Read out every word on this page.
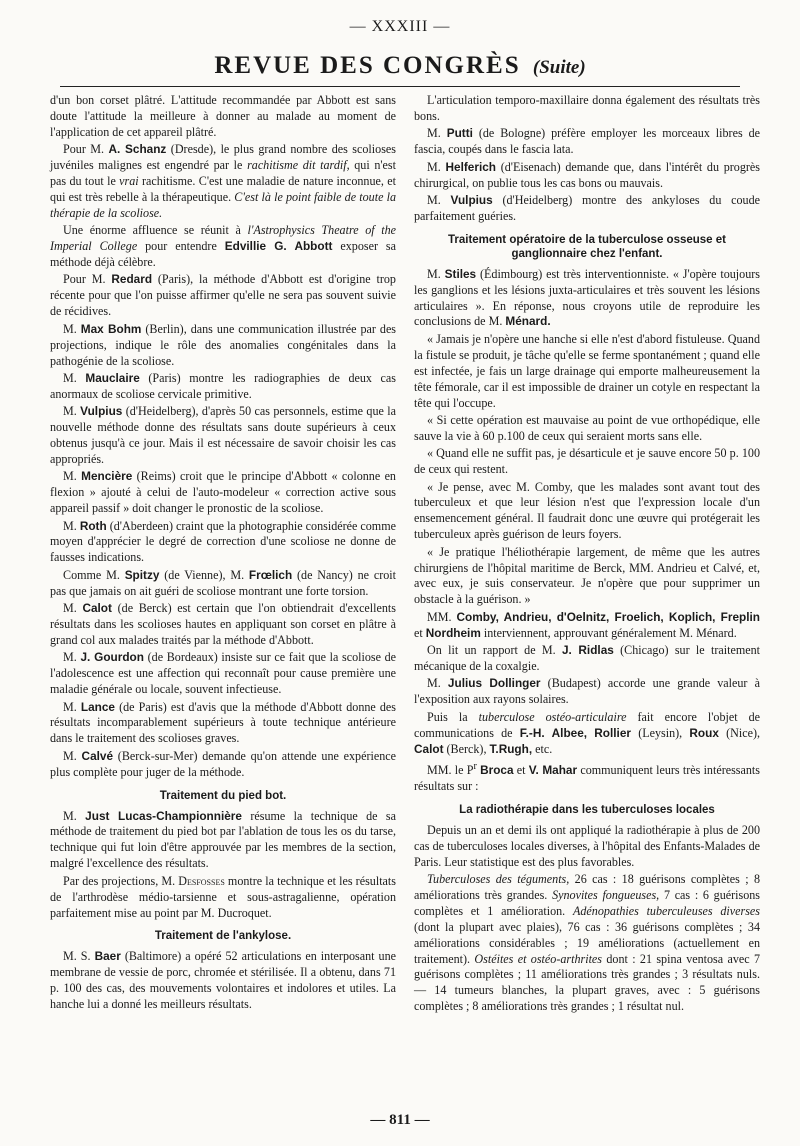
— XXXIII —
REVUE DES CONGRÈS (Suite)

d'un bon corset plâtré. L'attitude recommandée par Abbott est sans doute l'attitude la meilleure à donner au malade au moment de l'application de cet appareil plâtré.

Pour M. A. Schanz (Dresde), le plus grand nombre des scolioses juvéniles malignes est engendré par le rachitisme dit tardif, qui n'est pas du tout le vrai rachitisme. C'est une maladie de nature inconnue, et qui est très rebelle à la thérapeutique. C'est là le point faible de toute la thérapie de la scoliose.

Une énorme affluence se réunit à l'Astrophysics Theatre of the Imperial College pour entendre Edvillie G. Abbott exposer sa méthode déjà célèbre.

Pour M. Redard (Paris), la méthode d'Abbott est d'origine trop récente pour que l'on puisse affirmer qu'elle ne sera pas souvent suivie de récidives.

M. Max Bohm (Berlin), dans une communication illustrée par des projections, indique le rôle des anomalies congénitales dans la pathogénie de la scoliose.

M. Mauclaire (Paris) montre les radiographies de deux cas anormaux de scoliose cervicale primitive.

M. Vulpius (d'Heidelberg), d'après 50 cas personnels, estime que la nouvelle méthode donne des résultats sans doute supérieurs à ceux obtenus jusqu'à ce jour. Mais il est nécessaire de savoir choisir les cas appropriés.

M. Mencière (Reims) croit que le principe d'Abbott « colonne en flexion » ajouté à celui de l'auto-modeleur « correction active sous appareil passif » doit changer le pronostic de la scoliose.

M. Roth (d'Aberdeen) craint que la photographie considérée comme moyen d'apprécier le degré de correction d'une scoliose ne donne de fausses indications.

Comme M. Spitzy (de Vienne), M. Frœlich (de Nancy) ne croit pas que jamais on ait guéri de scoliose montrant une forte torsion.

M. Calot (de Berck) est certain que l'on obtiendrait d'excellents résultats dans les scolioses hautes en appliquant son corset en plâtre à grand col aux malades traités par la méthode d'Abbott.

M. J. Gourdon (de Bordeaux) insiste sur ce fait que la scoliose de l'adolescence est une affection qui reconnaît pour cause première une maladie générale ou locale, souvent infectieuse.

M. Lance (de Paris) est d'avis que la méthode d'Abbott donne des résultats incomparablement supérieurs à toute technique antérieure dans le traitement des scolioses graves.

M. Calvé (Berck-sur-Mer) demande qu'on attende une expérience plus complète pour juger de la méthode.

Traitement du pied bot.

M. Just Lucas-Championnière résume la technique de sa méthode de traitement du pied bot par l'ablation de tous les os du tarse, technique qui fut loin d'être approuvée par les membres de la section, malgré l'excellence des résultats.

Par des projections, M. Desfosses montre la technique et les résultats de l'arthrodèse médio-tarsienne et sous-astragalienne, opération parfaitement mise au point par M. Ducroquet.

Traitement de l'ankylose.

M. S. Baer (Baltimore) a opéré 52 articulations en interposant une membrane de vessie de porc, chromée et stérilisée. Il a obtenu, dans 71 p. 100 des cas, des mouvements volontaires et indolores et utiles. La hanche lui a donné les meilleurs résultats.

L'articulation temporo-maxillaire donna également des résultats très bons.

M. Putti (de Bologne) préfère employer les morceaux libres de fascia, coupés dans le fascia lata.

M. Helferich (d'Eisenach) demande que, dans l'intérêt du progrès chirurgical, on publie tous les cas bons ou mauvais.

M. Vulpius (d'Heidelberg) montre des ankyloses du coude parfaitement guéries.

Traitement opératoire de la tuberculose osseuse et ganglionnaire chez l'enfant.

M. Stiles (Édimbourg) est très interventionniste. « J'opère toujours les ganglions et les lésions juxta-articulaires et très souvent les lésions articulaires ». En réponse, nous croyons utile de reproduire les conclusions de M. Ménard.

« Jamais je n'opère une hanche si elle n'est d'abord fistuleuse. Quand la fistule se produit, je tâche qu'elle se ferme spontanément ; quand elle est infectée, je fais un large drainage qui emporte malheureusement la tête fémorale, car il est impossible de drainer un cotyle en respectant la tête qui l'occupe.

« Si cette opération est mauvaise au point de vue orthopédique, elle sauve la vie à 60 p.100 de ceux qui seraient morts sans elle.

« Quand elle ne suffit pas, je désarticule et je sauve encore 50 p. 100 de ceux qui restent.

« Je pense, avec M. Comby, que les malades sont avant tout des tuberculeux et que leur lésion n'est que l'expression locale d'un ensemencement général. Il faudrait donc une œuvre qui protégerait les tuberculeux après guérison de leurs foyers.

« Je pratique l'héliothérapie largement, de même que les autres chirurgiens de l'hôpital maritime de Berck, MM. Andrieu et Calvé, et, avec eux, je suis conservateur. Je n'opère que pour supprimer un obstacle à la guérison. »

MM. Comby, Andrieu, d'Oelnitz, Froelich, Koplich, Freplin et Nordheim interviennent, approuvant généralement M. Ménard.

On lit un rapport de M. J. Ridlas (Chicago) sur le traitement mécanique de la coxalgie.

M. Julius Dollinger (Budapest) accorde une grande valeur à l'exposition aux rayons solaires.

Puis la tuberculose ostéo-articulaire fait encore l'objet de communications de F.-H. Albee, Rollier (Leysin), Roux (Nice), Calot (Berck), T.Rugh, etc.

MM. le $P^r$ Broca et V. Mahar communiquent leurs très intéressants résultats sur :

La radiothérapie dans les tuberculoses locales

Depuis un an et demi ils ont appliqué la radiothérapie à plus de 200 cas de tuberculoses locales diverses, à l'hôpital des Enfants-Malades de Paris. Leur statistique est des plus favorables.

Tuberculoses des téguments, 26 cas : 18 guérisons complètes ; 8 améliorations très grandes. Synovites fongueuses, 7 cas : 6 guérisons complètes et 1 amélioration. Adénopathies tuberculeuses diverses (dont la plupart avec plaies), 76 cas : 36 guérisons complètes ; 34 améliorations considérables ; 19 améliorations (actuellement en traitement). Ostéites et ostéo-arthrites dont : 21 spina ventosa avec 7 guérisons complètes ; 11 améliorations très grandes ; 3 résultats nuls. — 14 tumeurs blanches, la plupart graves, avec : 5 guérisons complètes ; 8 améliorations très grandes ; 1 résultat nul.

— 811 —
